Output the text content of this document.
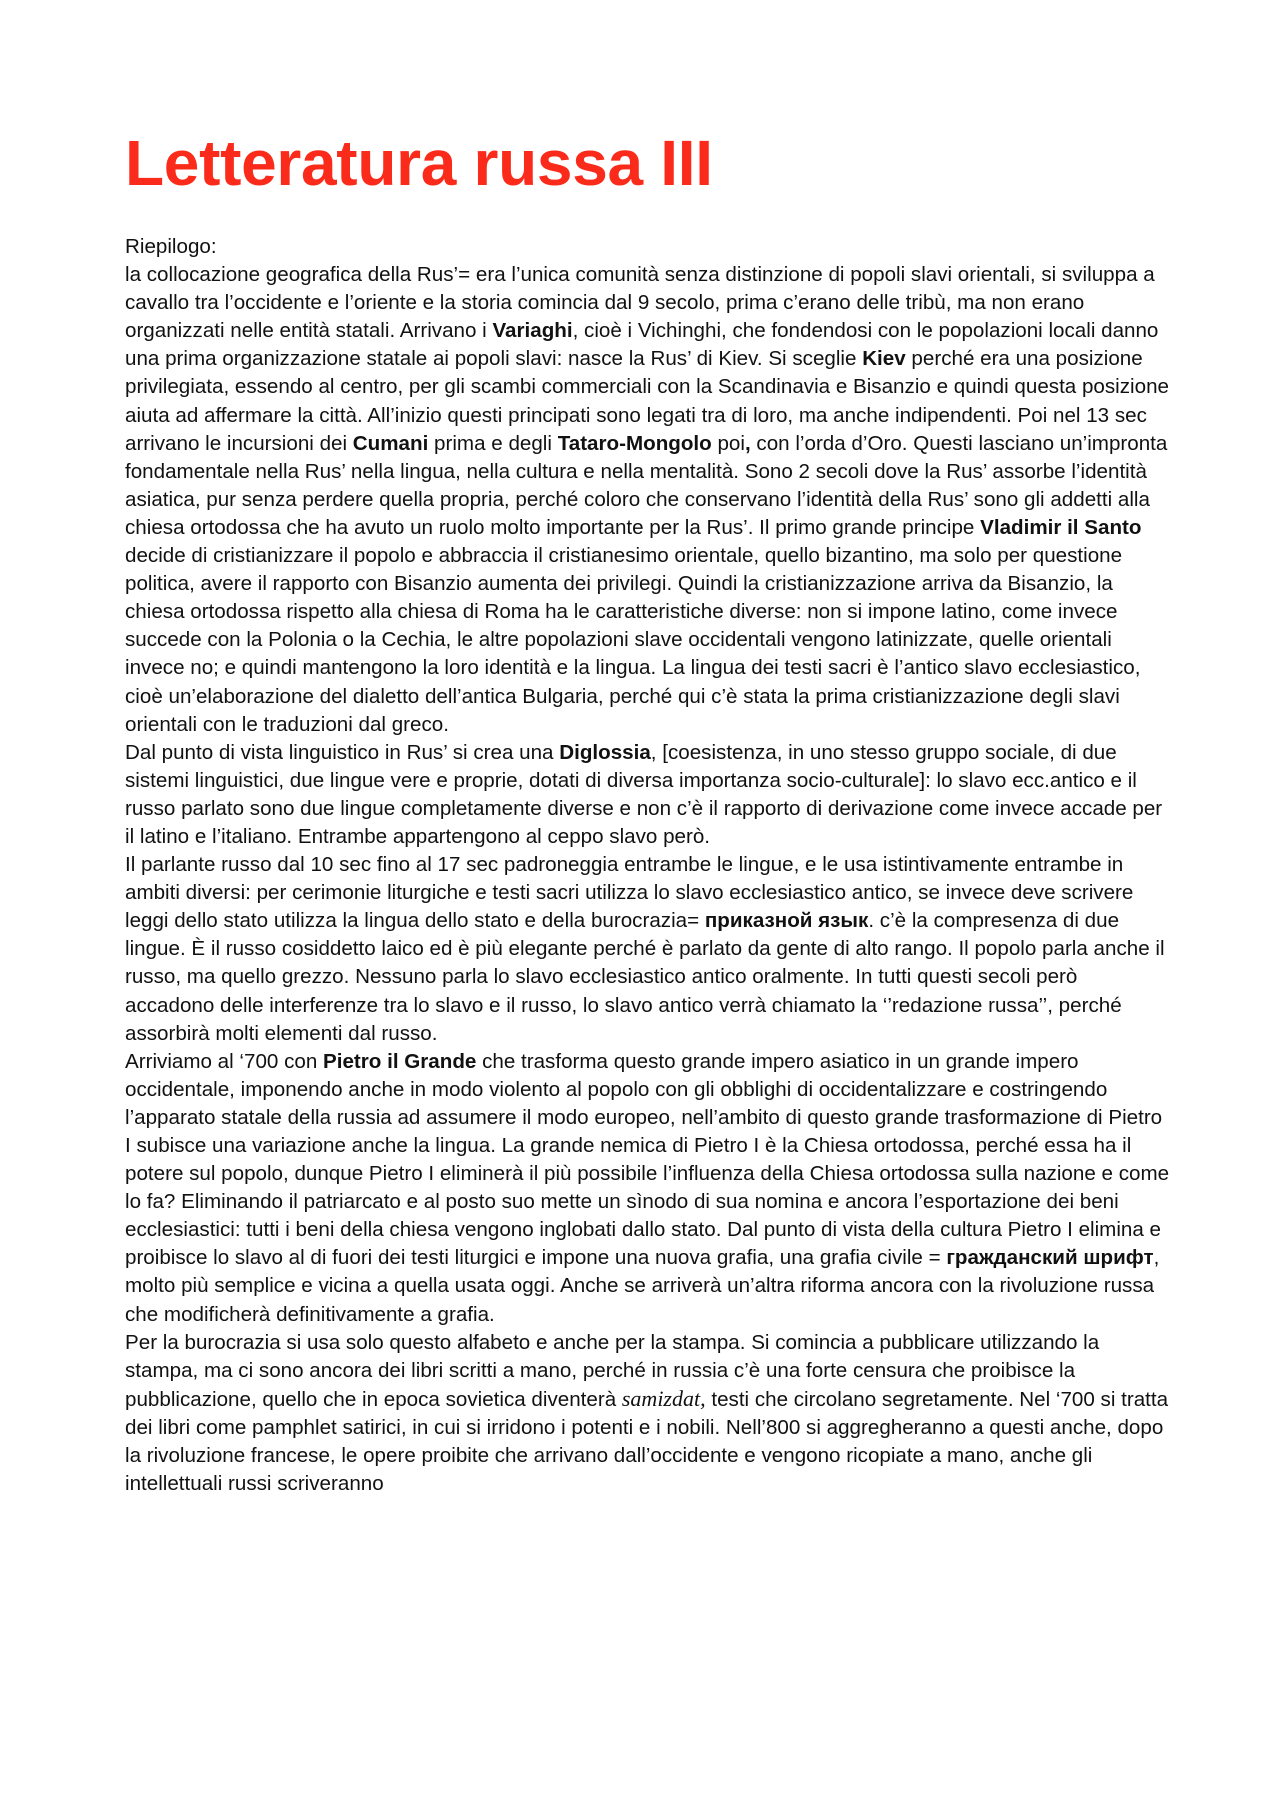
Letteratura russa III

Riepilogo:

la collocazione geografica della Rus’= era l’unica comunità senza distinzione di popoli slavi orientali, si sviluppa a cavallo tra l’occidente e l’oriente e la storia comincia dal 9 secolo, prima c’erano delle tribù, ma non erano organizzati nelle entità statali. Arrivano i Variaghi, cioè i Vichinghi, che fondendosi con le popolazioni locali danno una prima organizzazione statale ai popoli slavi: nasce la Rus’ di Kiev. Si sceglie Kiev perché era una posizione privilegiata, essendo al centro, per gli scambi commerciali con la Scandinavia e Bisanzio e quindi questa posizione aiuta ad affermare la città. All’inizio questi principati sono legati tra di loro, ma anche indipendenti. Poi nel 13 sec arrivano le incursioni dei Cumani prima e degli Tataro-Mongolo poi, con l’orda d’Oro. Questi lasciano un’impronta fondamentale nella Rus’ nella lingua, nella cultura e nella mentalità. Sono 2 secoli dove la Rus’ assorbe l’identità asiatica, pur senza perdere quella propria, perché coloro che conservano l’identità della Rus’ sono gli addetti alla chiesa ortodossa che ha avuto un ruolo molto importante per la Rus’. Il primo grande principe Vladimir il Santo decide di cristianizzare il popolo e abbraccia il cristianesimo orientale, quello bizantino, ma solo per questione politica, avere il rapporto con Bisanzio aumenta dei privilegi. Quindi la cristianizzazione arriva da Bisanzio, la chiesa ortodossa rispetto alla chiesa di Roma ha le caratteristiche diverse: non si impone latino, come invece succede con la Polonia o la Cechia, le altre popolazioni slave occidentali vengono latinizzate, quelle orientali invece no; e quindi mantengono la loro identità e la lingua. La lingua dei testi sacri è l’antico slavo ecclesiastico, cioè un’elaborazione del dialetto dell’antica Bulgaria, perché qui c’è stata la prima cristianizzazione degli slavi orientali con le traduzioni dal greco.

Dal punto di vista linguistico in Rus’ si crea una Diglossia, [coesistenza, in uno stesso gruppo sociale, di due sistemi linguistici, due lingue vere e proprie, dotati di diversa importanza socio-culturale]: lo slavo ecc.antico e il russo parlato sono due lingue completamente diverse e non c’è il rapporto di derivazione come invece accade per il latino e l’italiano. Entrambe appartengono al ceppo slavo però.

Il parlante russo dal 10 sec fino al 17 sec padroneggia entrambe le lingue, e le usa istintivamente entrambe in ambiti diversi: per cerimonie liturgiche e testi sacri utilizza lo slavo ecclesiastico antico, se invece deve scrivere leggi dello stato utilizza la lingua dello stato e della burocrazia= приказной язык. c’è la compresenza di due lingue. È il russo cosiddetto laico ed è più elegante perché è parlato da gente di alto rango. Il popolo parla anche il russo, ma quello grezzo. Nessuno parla lo slavo ecclesiastico antico oralmente. In tutti questi secoli però accadono delle interferenze tra lo slavo e il russo, lo slavo antico verrà chiamato la ‘’redazione russa’’, perché assorbirà molti elementi dal russo.

Arriviamo al ‘700 con Pietro il Grande che trasforma questo grande impero asiatico in un grande impero occidentale, imponendo anche in modo violento al popolo con gli obblighi di occidentalizzare e costringendo l’apparato statale della russia ad assumere il modo europeo, nell’ambito di questo grande trasformazione di Pietro I subisce una variazione anche la lingua. La grande nemica di Pietro I è la Chiesa ortodossa, perché essa ha il potere sul popolo, dunque Pietro I eliminerà il più possibile l’influenza della Chiesa ortodossa sulla nazione e come lo fa? Eliminando il patriarcato e al posto suo mette un sìnodo di sua nomina e ancora l’esportazione dei beni ecclesiastici: tutti i beni della chiesa vengono inglobati dallo stato. Dal punto di vista della cultura Pietro I elimina e proibisce lo slavo al di fuori dei testi liturgici e impone una nuova grafia, una grafia civile = гражданский шрифт, molto più semplice e vicina a quella usata oggi. Anche se arriverà un’altra riforma ancora con la rivoluzione russa che modificherà definitivamente a grafia.

Per la burocrazia si usa solo questo alfabeto e anche per la stampa. Si comincia a pubblicare utilizzando la stampa, ma ci sono ancora dei libri scritti a mano, perché in russia c’è una forte censura che proibisce la pubblicazione, quello che in epoca sovietica diventerà samizdat, testi che circolano segretamente. Nel ‘700 si tratta dei libri come pamphlet satirici, in cui si irridono i potenti e i nobili. Nell’800 si aggregheranno a questi anche, dopo la rivoluzione francese, le opere proibite che arrivano dall’occidente e vengono ricopiate a mano, anche gli intellettuali russi scriveranno
